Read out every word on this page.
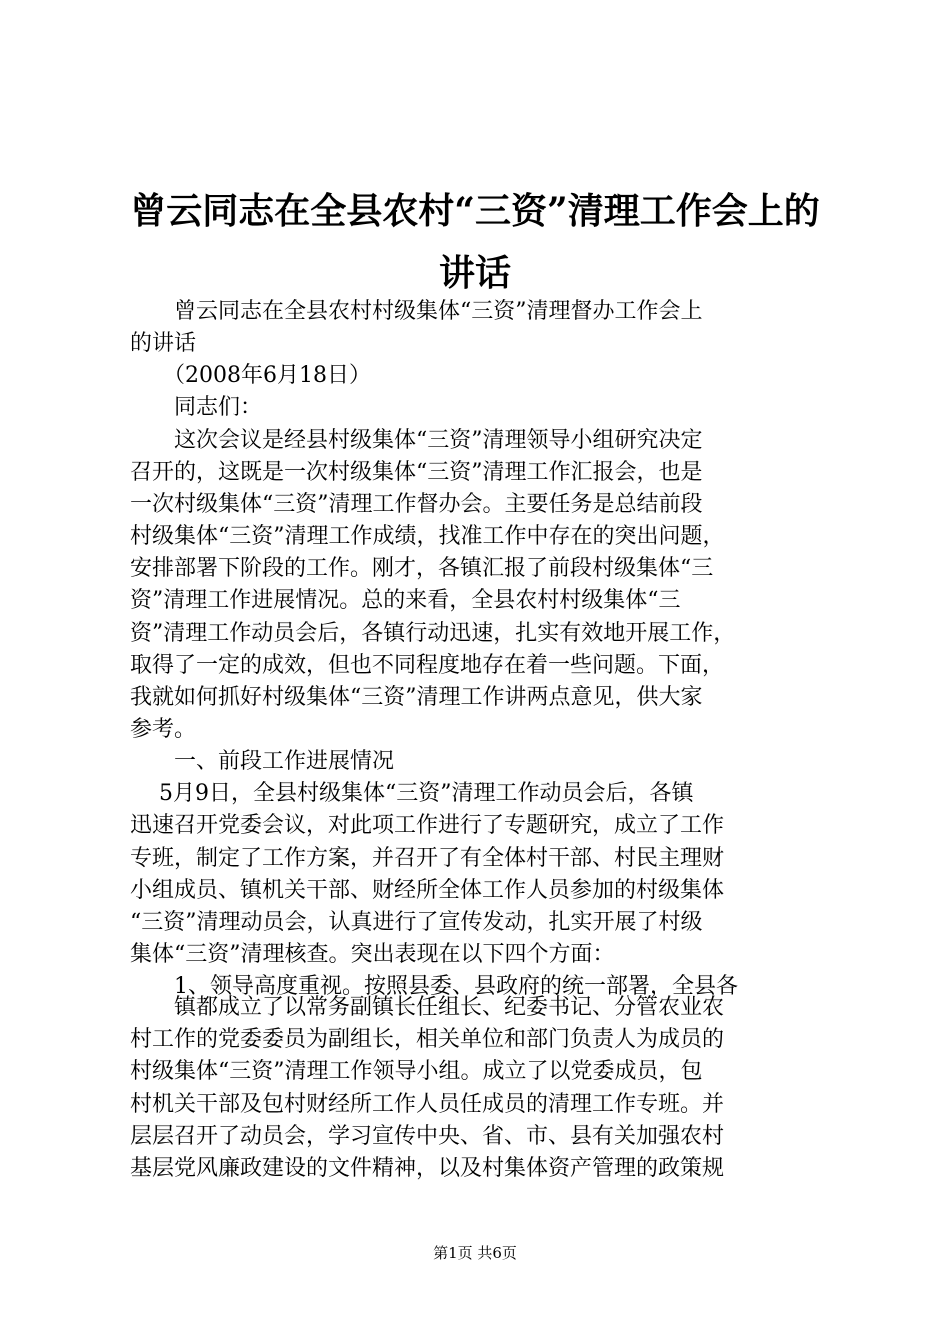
曾云同志在全县农村“三资”清理工作会上的
讲话

　　曾云同志在全县农村村级集体“三资”清理督办工作会上

的讲话

　　（2008年6月18日）

　　同志们：

　　这次会议是经县村级集体“三资”清理领导小组研究决定

召开的，这既是一次村级集体“三资”清理工作汇报会，也是

一次村级集体“三资”清理工作督办会。主要任务是总结前段

村级集体“三资”清理工作成绩，找准工作中存在的突出问题，

安排部署下阶段的工作。刚才，各镇汇报了前段村级集体“三

资”清理工作进展情况。总的来看，全县农村村级集体“三

资”清理工作动员会后，各镇行动迅速，扎实有效地开展工作，

取得了一定的成效，但也不同程度地存在着一些问题。下面，

我就如何抓好村级集体“三资”清理工作讲两点意见，供大家

参考。

　　一、前段工作进展情况

　 5月9日，全县村级集体“三资”清理工作动员会后，各镇

迅速召开党委会议，对此项工作进行了专题研究，成立了工作

专班，制定了工作方案，并召开了有全体村干部、村民主理财

小组成员、镇机关干部、财经所全体工作人员参加的村级集体

“三资”清理动员会，认真进行了宣传发动，扎实开展了村级

集体“三资”清理核查。突出表现在以下四个方面：

　　1、领导高度重视。按照县委、县政府的统一部署，全县各

　　镇都成立了以常务副镇长任组长、纪委书记、分管农业农

村工作的党委委员为副组长，相关单位和部门负责人为成员的

村级集体“三资”清理工作领导小组。成立了以党委成员，包

村机关干部及包村财经所工作人员任成员的清理工作专班。并

层层召开了动员会，学习宣传中央、省、市、县有关加强农村

基层党风廉政建设的文件精神，以及村集体资产管理的政策规

第1页 共6页
